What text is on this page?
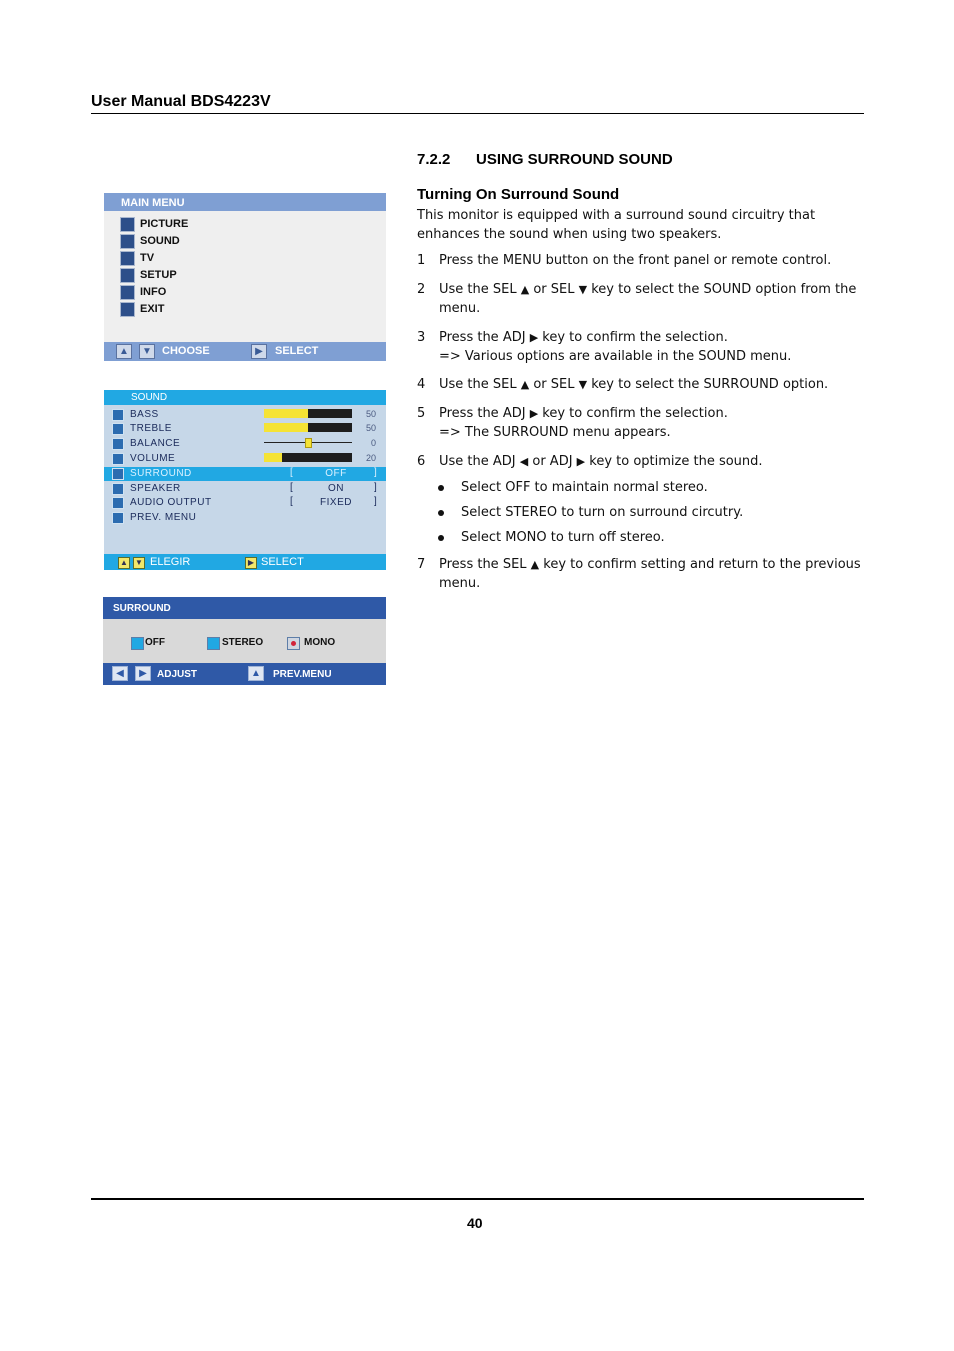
User Manual BDS4223V
MAIN MENU
PICTURE
SOUND
TV
SETUP
INFO
EXIT
▲	▼ CHOOSE	▶	SELECT
SOUND
BASS	50
TREBLE	50
BALANCE	0
VOLUME	20
SURROUND	[	OFF	]
SPEAKER	[	ON	]
AUDIO OUTPUT	[	FIXED	]
PREV. MENU
▲ ▼ ELEGIR	▶ SELECT
SURROUND
OFF	STEREO	MONO
◀	▶	ADJUST	▲	PREV.MENU
7.2.2 USING SURROUND SOUND
Turning On Surround Sound
This monitor is equipped with a surround sound circuitry that enhances the sound when using two speakers.
1 Press the MENU button on the front panel or remote control.
2 Use the SEL ▲ or SEL ▼ key to select the SOUND option from the menu.
3 Press the ADJ ▶ key to confirm the selection.
=> Various options are available in the SOUND menu.
4 Use the SEL ▲ or SEL ▼ key to select the SURROUND option.
5 Press the ADJ ▶ key to confirm the selection.
=> The SURROUND menu appears.
6 Use the ADJ ◀ or ADJ ▶ key to optimize the sound.
Select OFF to maintain normal stereo.
Select STEREO to turn on surround circutry.
Select MONO to turn off stereo.
7 Press the SEL ▲ key to confirm setting and return to the previous menu.
40
